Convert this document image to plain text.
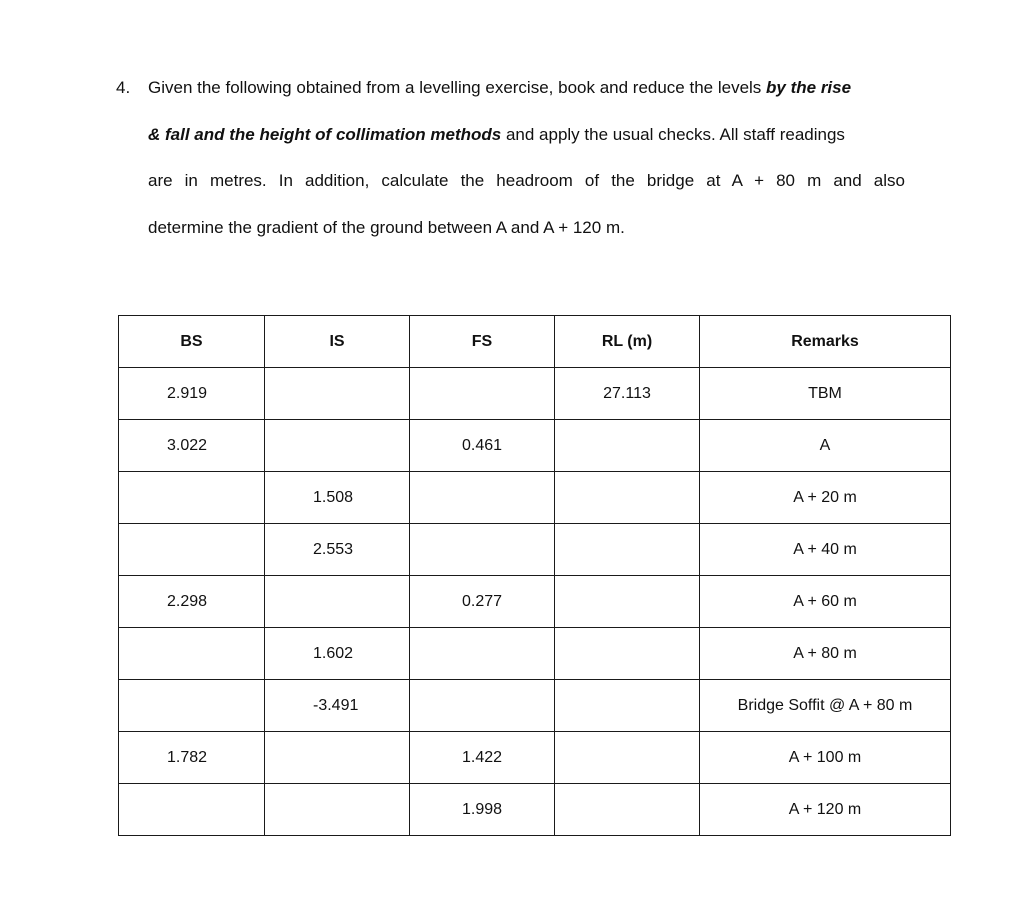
4. Given the following obtained from a levelling exercise, book and reduce the levels by the rise
& fall and the height of collimation methods and apply the usual checks. All staff readings
are in metres. In addition, calculate the headroom of the bridge at A + 80 m and also
determine the gradient of the ground between A and A + 120 m.
BS	IS	FS	RL (m)	Remarks
2.919			27.113	TBM
3.022		0.461		A
	1.508			A + 20 m
	2.553			A + 40 m
2.298		0.277		A + 60 m
	1.602			A + 80 m
	-3.491			Bridge Soffit @ A + 80 m
1.782		1.422		A + 100 m
		1.998		A + 120 m
